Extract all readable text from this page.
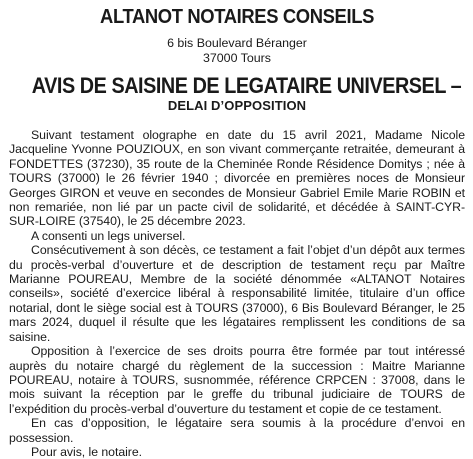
ALTANOT NOTAIRES CONSEILS
6 bis Boulevard Béranger
37000 Tours
AVIS DE SAISINE DE LEGATAIRE UNIVERSEL –
DELAI D’OPPOSITION

Suivant testament olographe en date du 15 avril 2021, Madame Nicole Jacqueline Yvonne POUZIOUX, en son vivant commerçante retraitée, demeurant à FONDETTES (37230), 35 route de la Cheminée Ronde Résidence Domitys ; née à TOURS (37000) le 26 février 1940 ; divorcée en premières noces de Monsieur Georges GIRON et veuve en secondes de Monsieur Gabriel Emile Marie ROBIN et non remariée, non lié par un pacte civil de solidarité, et décédée à SAINT-CYR-SUR-LOIRE (37540), le 25 décembre 2023.

A consenti un legs universel.

Consécutivement à son décès, ce testament a fait l’objet d’un dépôt aux termes du procès-verbal d’ouverture et de description de testament reçu par Maître Marianne POUREAU, Membre de la société dénommée «ALTANOT Notaires conseils», société d’exercice libéral à responsabilité limitée, titulaire d’un office notarial, dont le siège social est à TOURS (37000), 6 Bis Boulevard Béranger, le 25 mars 2024, duquel il résulte que les légataires remplissent les conditions de sa saisine.

Opposition à l’exercice de ses droits pourra être formée par tout intéressé auprès du notaire chargé du règlement de la succession : Maitre Marianne POUREAU, notaire à TOURS, susnommée, référence CRPCEN : 37008, dans le mois suivant la réception par le greffe du tribunal judiciaire de TOURS de l’expédition du procès-verbal d’ouverture du testament et copie de ce testament.

En cas d’opposition, le légataire sera soumis à la procédure d’envoi en possession.

Pour avis, le notaire.
